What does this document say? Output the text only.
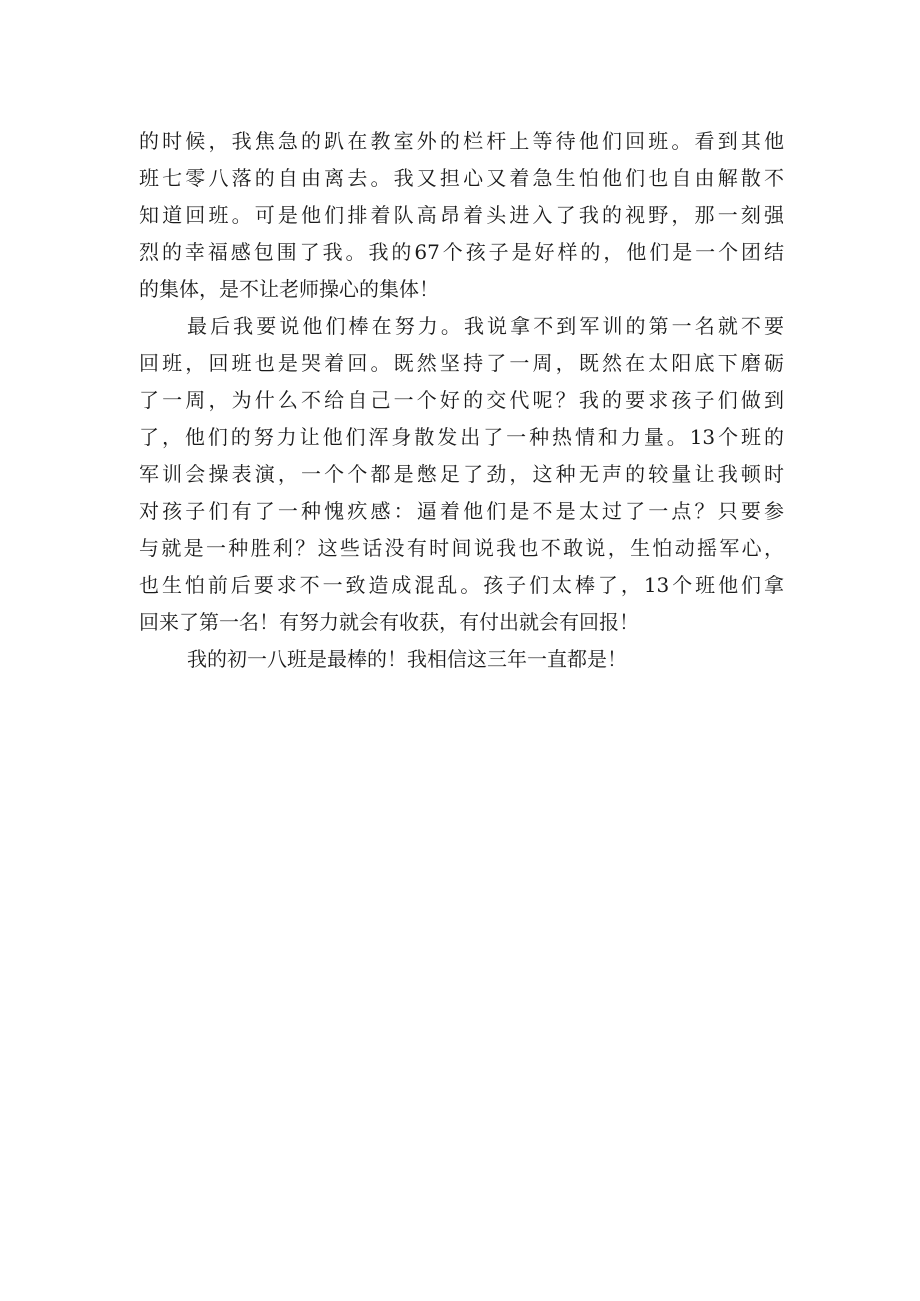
的时候，我焦急的趴在教室外的栏杆上等待他们回班。看到其他
班七零八落的自由离去。我又担心又着急生怕他们也自由解散不
知道回班。可是他们排着队高昂着头进入了我的视野，那一刻强
烈的幸福感包围了我。我的67个孩子是好样的，他们是一个团结
的集体，是不让老师操心的集体！
最后我要说他们棒在努力。我说拿不到军训的第一名就不要
回班，回班也是哭着回。既然坚持了一周，既然在太阳底下磨砺
了一周，为什么不给自己一个好的交代呢？我的要求孩子们做到
了，他们的努力让他们浑身散发出了一种热情和力量。13个班的
军训会操表演，一个个都是憋足了劲，这种无声的较量让我顿时
对孩子们有了一种愧疚感：逼着他们是不是太过了一点？只要参
与就是一种胜利？这些话没有时间说我也不敢说，生怕动摇军心，
也生怕前后要求不一致造成混乱。孩子们太棒了，13个班他们拿
回来了第一名！有努力就会有收获，有付出就会有回报！
我的初一八班是最棒的！我相信这三年一直都是！
